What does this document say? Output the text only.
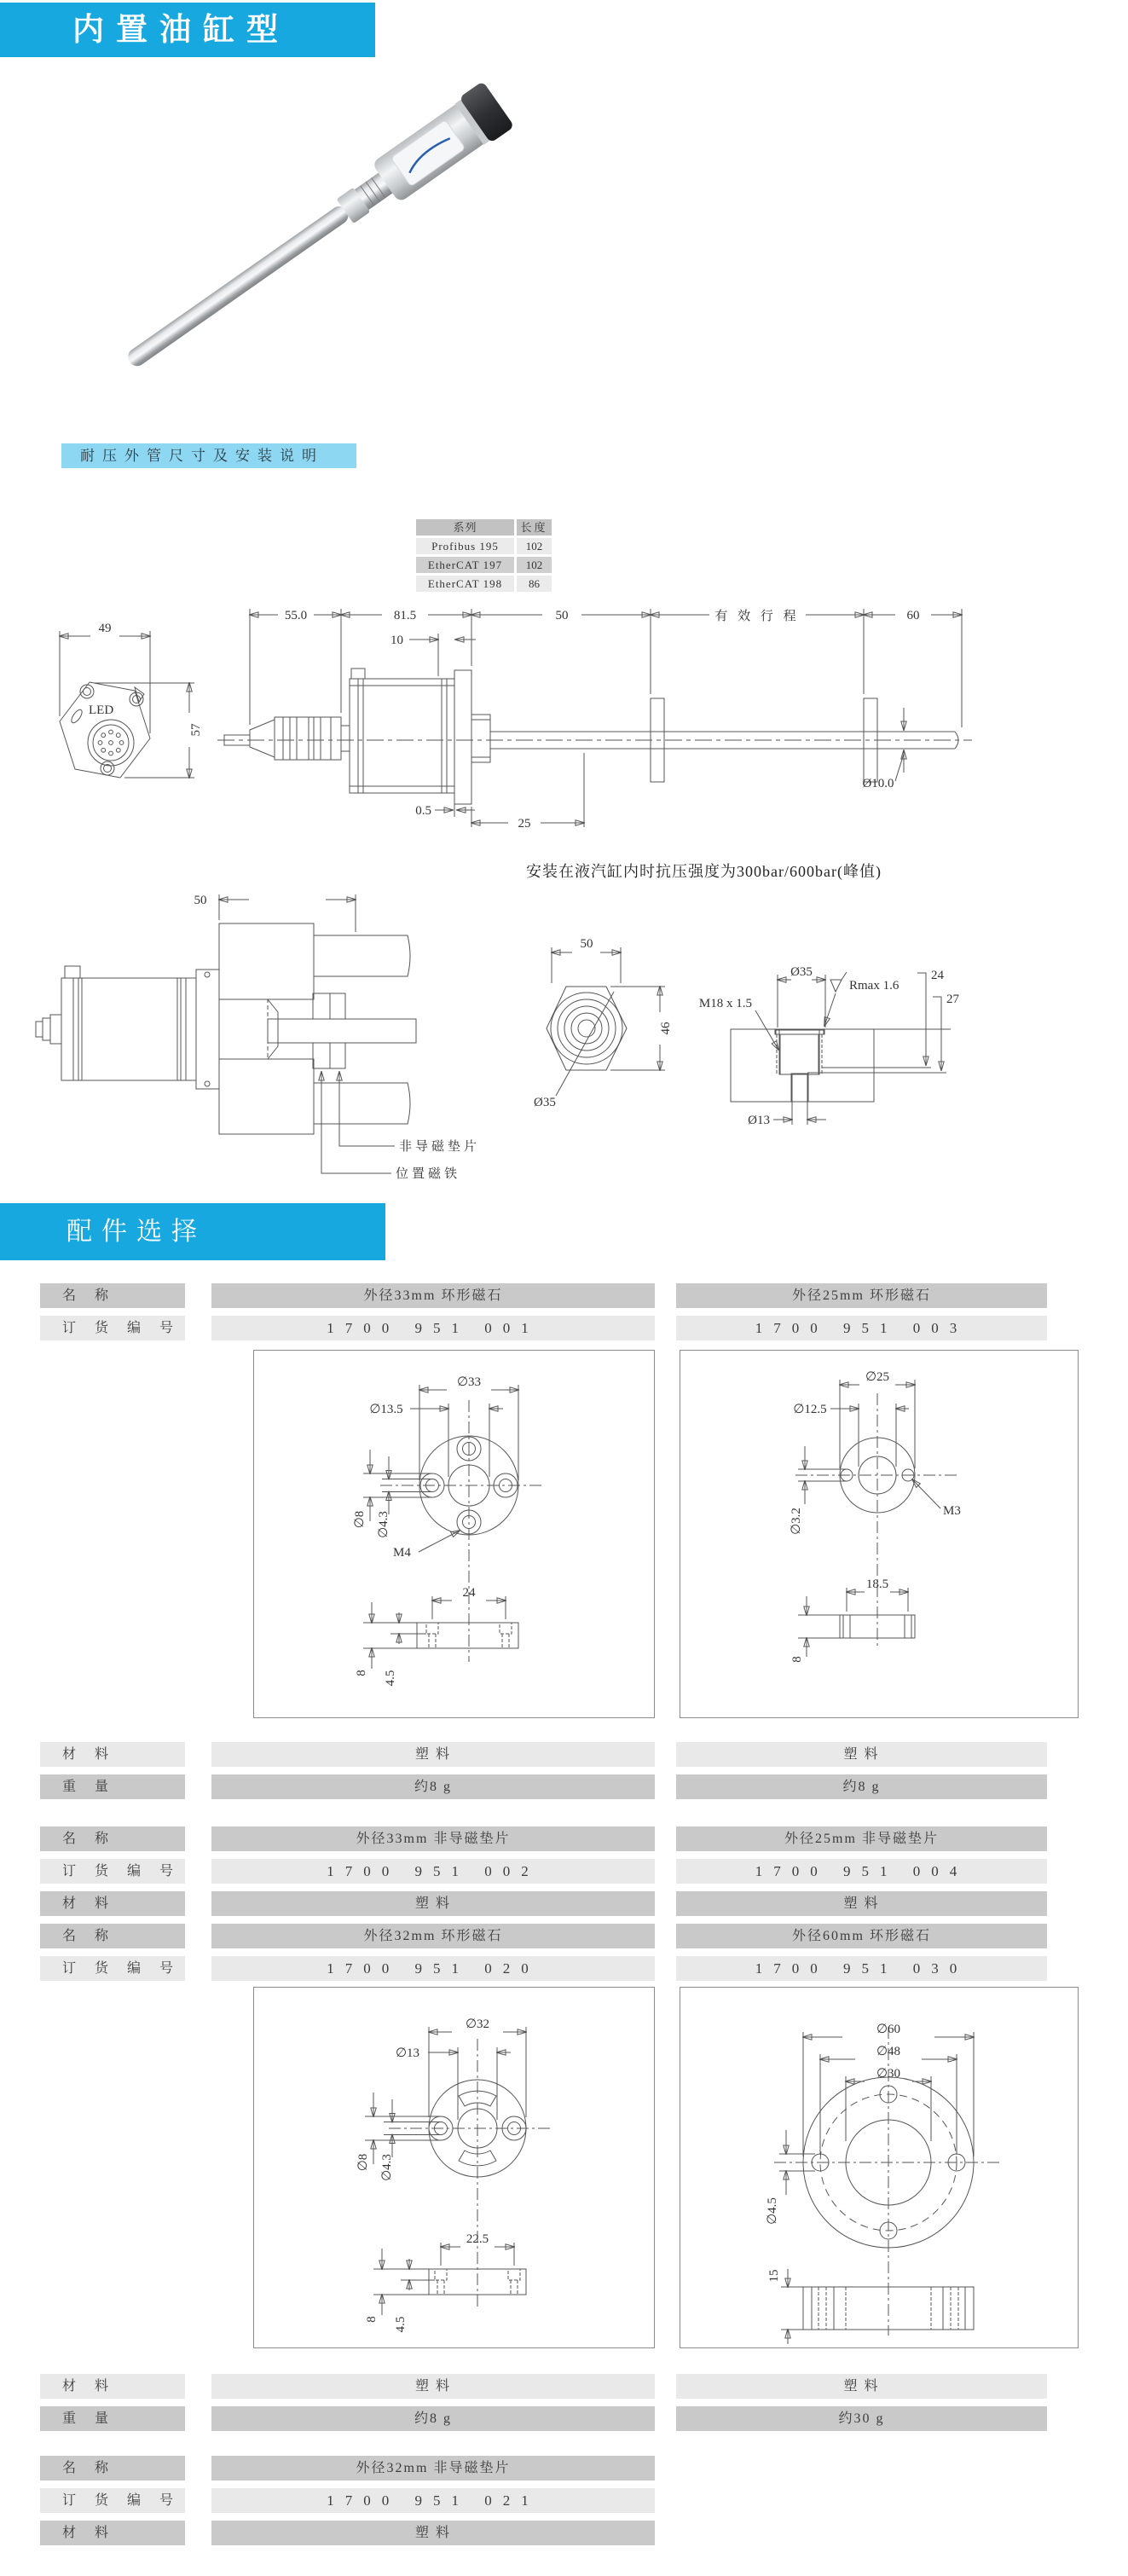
内置油缸型
耐压外管尺寸及安装说明
系列	长度
Profibus 195	102
EtherCAT 197	102
EtherCAT 198	86
LED
49
57
55.0	81.5	50	有 效 行 程	60
10
0.5
25
Ø10.0
安装在液汽缸内时抗压强度为300bar/600bar(峰值)
非导磁垫片
位置磁铁
50
50
46
Ø35
Ø35
M18 x 1.5
Rmax 1.6
24
27
Ø13
配件选择
名 称	外径33mm 环形磁石	外径25mm 环形磁石
订 货 编 号	1700 951 001	1700 951 003
∅33
∅13.5
∅8 ∅4.3
M4
24
8 4.5
∅25
∅12.5
∅3.2	M3
18.5
8
材 料	塑 料	塑 料
重 量	约8 g	约8 g
名 称	外径33mm 非导磁垫片	外径25mm 非导磁垫片
订 货 编 号	1700 951 002	1700 951 004
材 料	塑 料	塑 料
名 称	外径32mm 环形磁石	外径60mm 环形磁石
订 货 编 号	1700 951 020	1700 951 030
∅32
∅13
∅8 ∅4.3
22.5
8 4.5
∅60
∅48
∅30
∅4.5
15
材 料	塑 料	塑 料
重 量	约8 g	约30 g
名 称	外径32mm 非导磁垫片
订 货 编 号	1700 951 021
材 料	塑 料
